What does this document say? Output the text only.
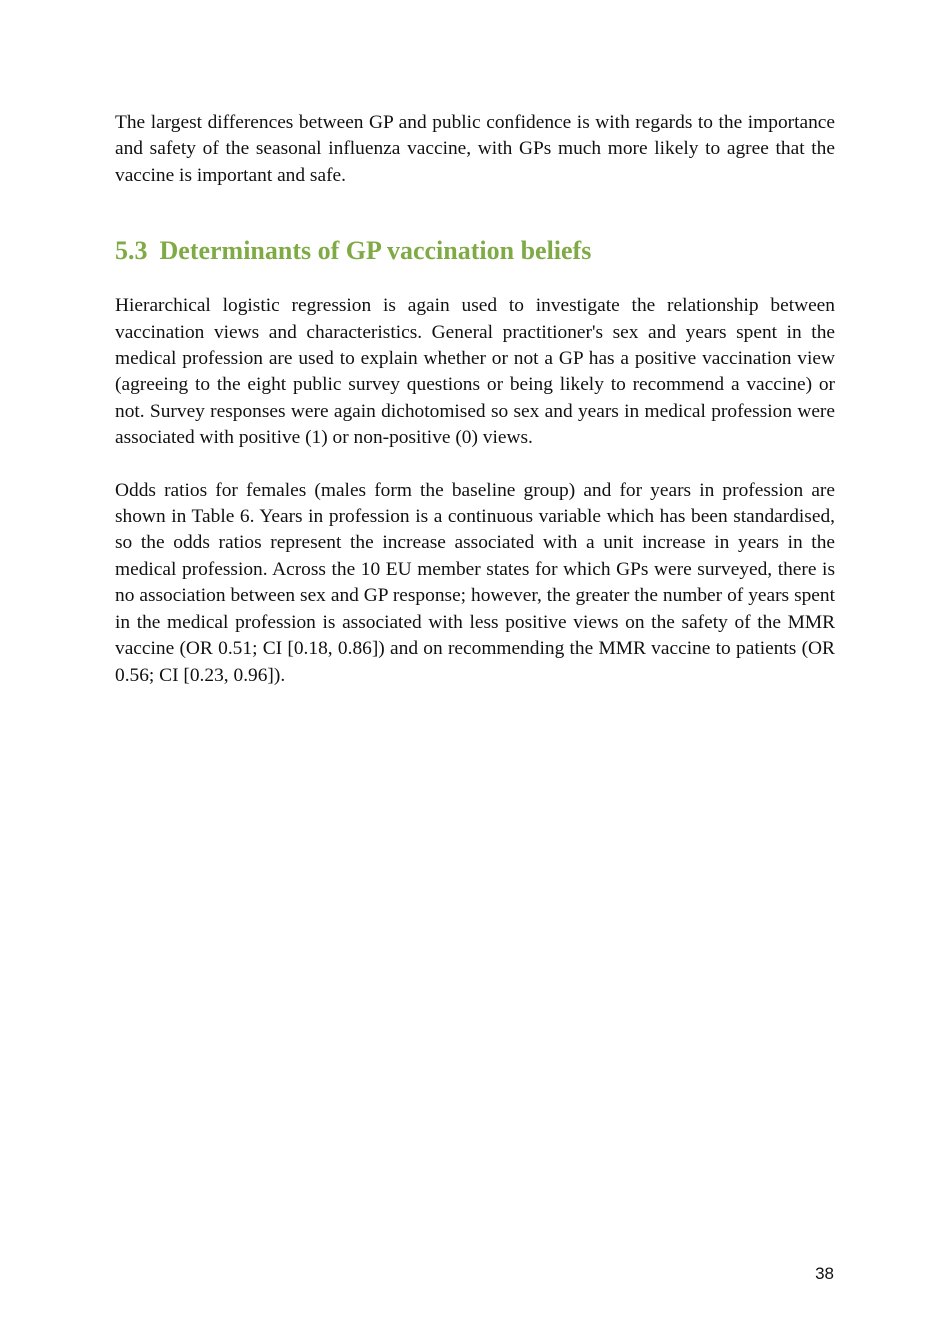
The largest differences between GP and public confidence is with regards to the importance and safety of the seasonal influenza vaccine, with GPs much more likely to agree that the vaccine is important and safe.

5.3 Determinants of GP vaccination beliefs

Hierarchical logistic regression is again used to investigate the relationship between vaccination views and characteristics. General practitioner's sex and years spent in the medical profession are used to explain whether or not a GP has a positive vaccination view (agreeing to the eight public survey questions or being likely to recommend a vaccine) or not. Survey responses were again dichotomised so sex and years in medical profession were associated with positive (1) or non-positive (0) views.

Odds ratios for females (males form the baseline group) and for years in profession are shown in Table 6. Years in profession is a continuous variable which has been standardised, so the odds ratios represent the increase associated with a unit increase in years in the medical profession. Across the 10 EU member states for which GPs were surveyed, there is no association between sex and GP response; however, the greater the number of years spent in the medical profession is associated with less positive views on the safety of the MMR vaccine (OR 0.51; CI [0.18, 0.86]) and on recommending the MMR vaccine to patients (OR 0.56; CI [0.23, 0.96]).

38
